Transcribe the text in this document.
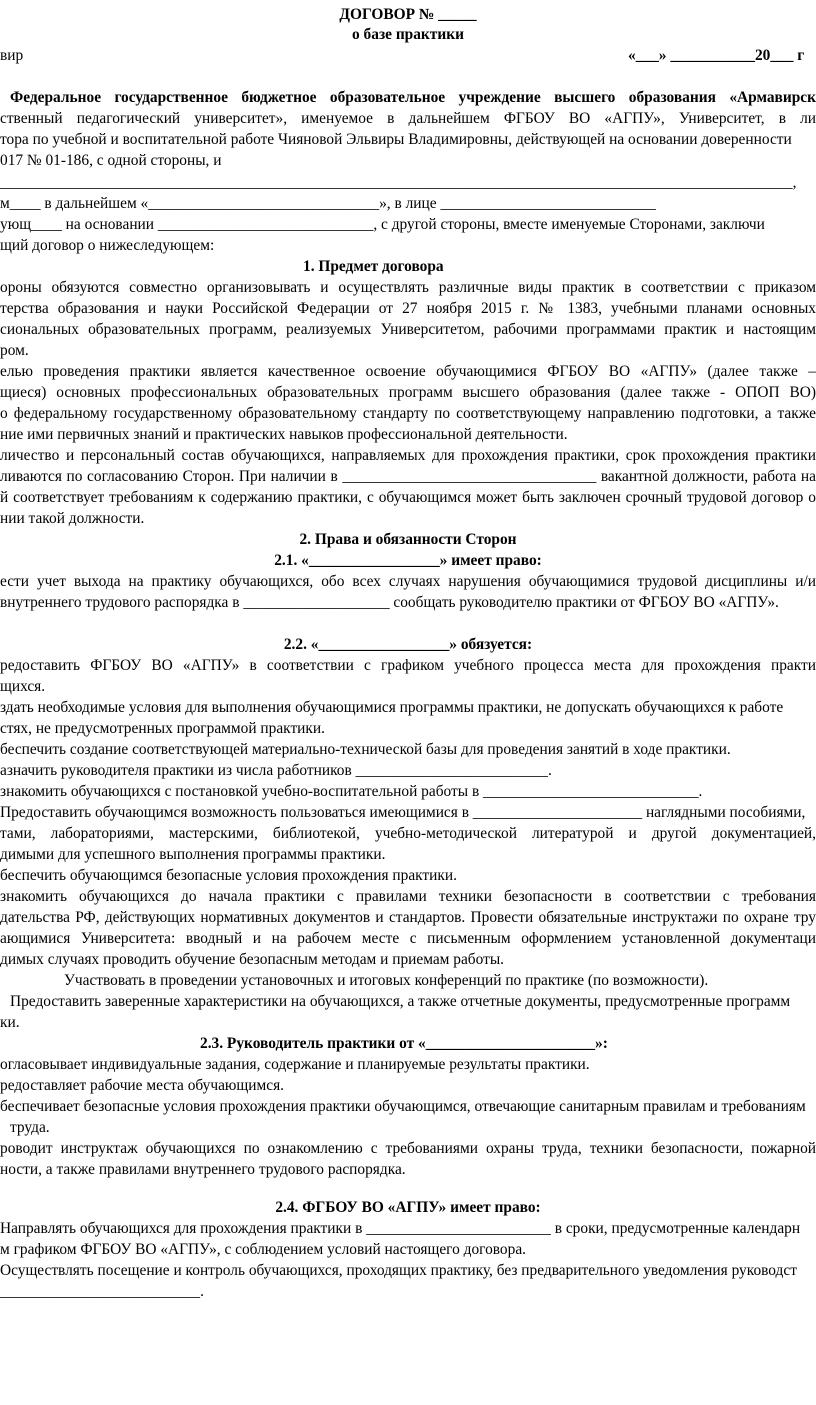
ДОГОВОР № _____
о базе практики
вир	«___» ___________20___ г
Федеральное государственное бюджетное образовательное учреждение высшего образования «Армавирск
ственный педагогический университет», именуемое в дальнейшем ФГБОУ ВО «АГПУ», Университет, в ли
тора по учебной и воспитательной работе Чияновой Эльвиры Владимировны, действующей на основании доверенности
017 № 01-186, с одной стороны, и
_______________________________________________________________________________________________________,
м____ в дальнейшем «______________________________», в лице ____________________________
ующ____ на основании ____________________________, с другой стороны, вместе именуемые Сторонами, заключи
щий договор о нижеследующем:
1. Предмет договора
ороны обязуются совместно организовывать и осуществлять различные виды практик в соответствии с приказом
терства образования и науки Российской Федерации от 27 ноября 2015 г. № 1383, учебными планами основных
сиональных образовательных программ, реализуемых Университетом, рабочими программами практик и настоящим
ром.
елью проведения практики является качественное освоение обучающимися ФГБОУ ВО «АГПУ» (далее также –
щиеся) основных профессиональных образовательных программ высшего образования (далее также - ОПОП ВО)
о федеральному государственному образовательному стандарту по соответствующему направлению подготовки, а также
ние ими первичных знаний и практических навыков профессиональной деятельности.
личество и персональный состав обучающихся, направляемых для прохождения практики, срок прохождения практики
ливаются по согласованию Сторон. При наличии в _________________________________ вакантной должности, работа на
й соответствует требованиям к содержанию практики, с обучающимся может быть заключен срочный трудовой договор о
нии такой должности.
2. Права и обязанности Сторон
2.1. «_________________» имеет право:
ести учет выхода на практику обучающихся, обо всех случаях нарушения обучающимися трудовой дисциплины и/и
внутреннего трудового распорядка в ___________________ сообщать руководителю практики от ФГБОУ ВО «АГПУ».
2.2. «_________________» обязуется:
редоставить ФГБОУ ВО «АГПУ» в соответствии с графиком учебного процесса места для прохождения практи
щихся.
здать необходимые условия для выполнения обучающимися программы практики, не допускать обучающихся к работе
стях, не предусмотренных программой практики.
беспечить создание соответствующей материально-технической базы для проведения занятий в ходе практики.
азначить руководителя практики из числа работников _________________________.
знакомить обучающихся с постановкой учебно-воспитательной работы в ____________________________.
Предоставить обучающимся возможность пользоваться имеющимися в ______________________ наглядными пособиями,
тами, лабораториями, мастерскими, библиотекой, учебно-методической литературой и другой документацией,
димыми для успешного выполнения программы практики.
беспечить обучающимся безопасные условия прохождения практики.
знакомить обучающихся до начала практики с правилами техники безопасности в соответствии с требования
дательства РФ, действующих нормативных документов и стандартов. Провести обязательные инструктажи по охране тру
ающимися Университета: вводный и на рабочем месте с письменным оформлением установленной документаци
димых случаях проводить обучение безопасным методам и приемам работы.
Участвовать в проведении установочных и итоговых конференций по практике (по возможности).
Предоставить заверенные характеристики на обучающихся, а также отчетные документы, предусмотренные программ
ки.
2.3. Руководитель практики от «______________________»:
огласовывает индивидуальные задания, содержание и планируемые результаты практики.
редоставляет рабочие места обучающимся.
беспечивает безопасные условия прохождения практики обучающимся, отвечающие санитарным правилам и требованиям
труда.
роводит инструктаж обучающихся по ознакомлению с требованиями охраны труда, техники безопасности, пожарной
ности, а также правилами внутреннего трудового распорядка.
2.4. ФГБОУ ВО «АГПУ» имеет право:
Направлять обучающихся для прохождения практики в ________________________ в сроки, предусмотренные календарн
м графиком ФГБОУ ВО «АГПУ», с соблюдением условий настоящего договора.
Осуществлять посещение и контроль обучающихся, проходящих практику, без предварительного уведомления руководст
__________________________.
